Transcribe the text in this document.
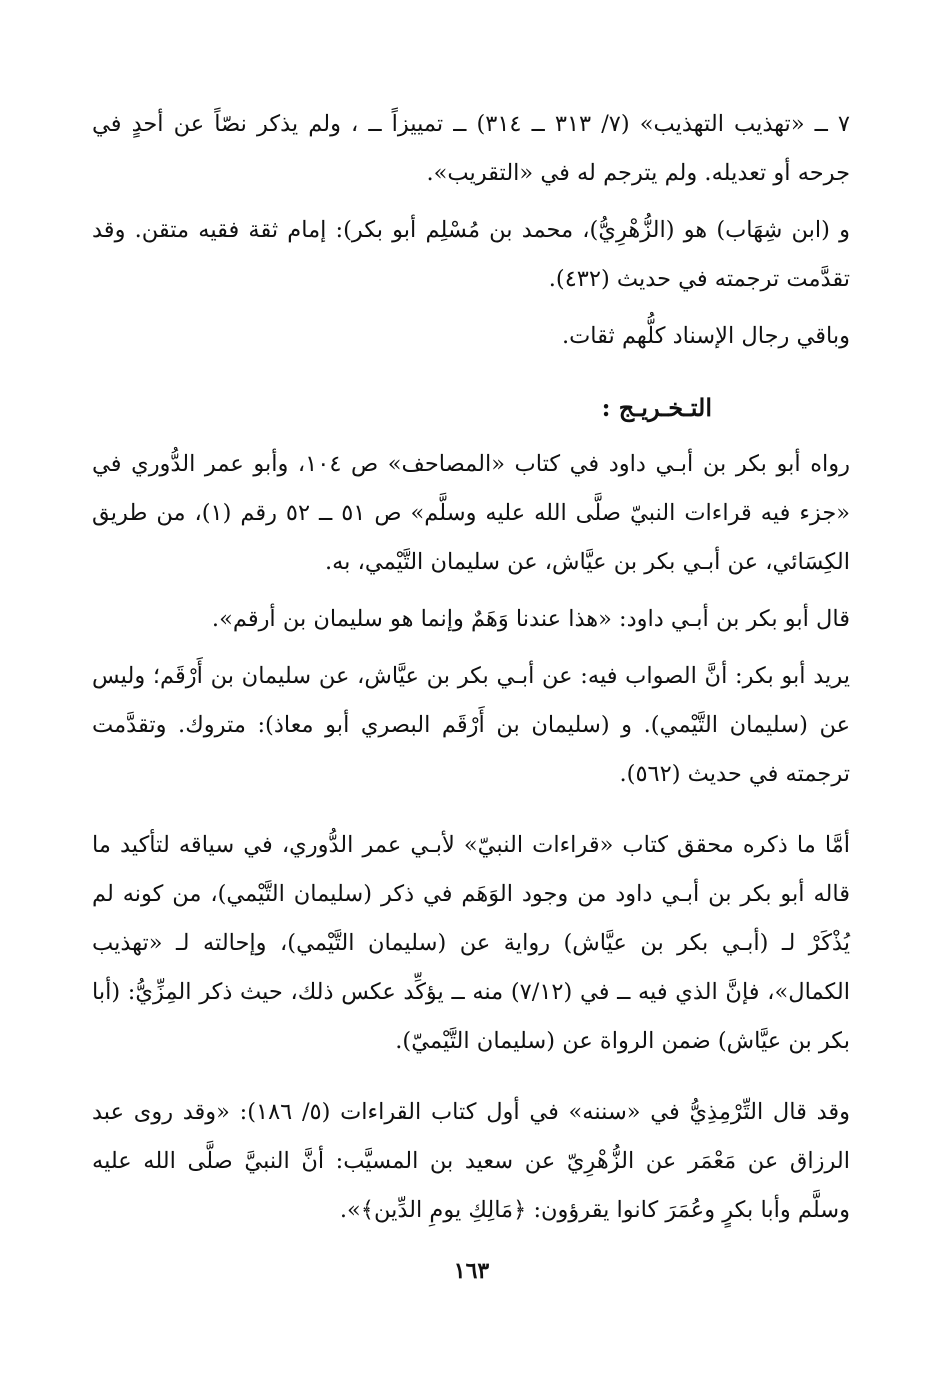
٧ ــ «تهذيب التهذيب» (٧/ ٣١٣ ــ ٣١٤) ــ تمييزاً ــ ، ولم يذكر نصّاً عن أحدٍ في جرحه أو تعديله. ولم يترجم له في «التقريب».

و (ابن شِهَاب) هو (الزُّهْرِيُّ)، محمد بن مُسْلِم أبو بكر): إمام ثقة فقيه متقن. وقد تقدَّمت ترجمته في حديث (٤٣٢).

وباقي رجال الإسناد كلُّهم ثقات.

التـخـريـج :

رواه أبو بكر بن أبـي داود في كتاب «المصاحف» ص ١٠٤، وأبو عمر الدُّوري في «جزء فيه قراءات النبيّ صلَّى الله عليه وسلَّم» ص ٥١ ــ ٥٢ رقم (١)، من طريق الكِسَائي، عن أبـي بكر بن عيَّاش، عن سليمان التَّيْمي، به.

قال أبو بكر بن أبـي داود: «هذا عندنا وَهَمٌ وإنما هو سليمان بن أرقم».

يريد أبو بكر: أنَّ الصواب فيه: عن أبـي بكر بن عيَّاش، عن سليمان بن أَرْقَم؛ وليس عن (سليمان التَّيْمي). و (سليمان بن أَرْقَم البصري أبو معاذ): متروك. وتقدَّمت ترجمته في حديث (٥٦٢).

أمَّا ما ذكره محقق كتاب «قراءات النبيّ» لأبـي عمر الدُّوري، في سياقه لتأكيد ما قاله أبو بكر بن أبـي داود من وجود الوَهَم في ذكر (سليمان التَّيْمي)، من كونه لم يُذْكَرْ لـ (أبـي بكر بن عيَّاش) رواية عن (سليمان التَّيْمي)، وإحالته لـ «تهذيب الكمال»، فإنَّ الذي فيه ــ في (٧/١٢) منه ــ يؤكِّد عكس ذلك، حيث ذكر المِزِّيُّ: (أبا بكر بن عيَّاش) ضمن الرواة عن (سليمان التَّيْميّ).

وقد قال التِّرْمِذِيُّ في «سننه» في أول كتاب القراءات (٥/ ١٨٦): «وقد روى عبد الرزاق عن مَعْمَر عن الزُّهْرِيّ عن سعيد بن المسيَّب: أنَّ النبيَّ صلَّى الله عليه وسلَّم وأبا بكرٍ وعُمَرَ كانوا يقرؤون: ﴿مَالِكِ يومِ الدِّين﴾».

١٦٣
